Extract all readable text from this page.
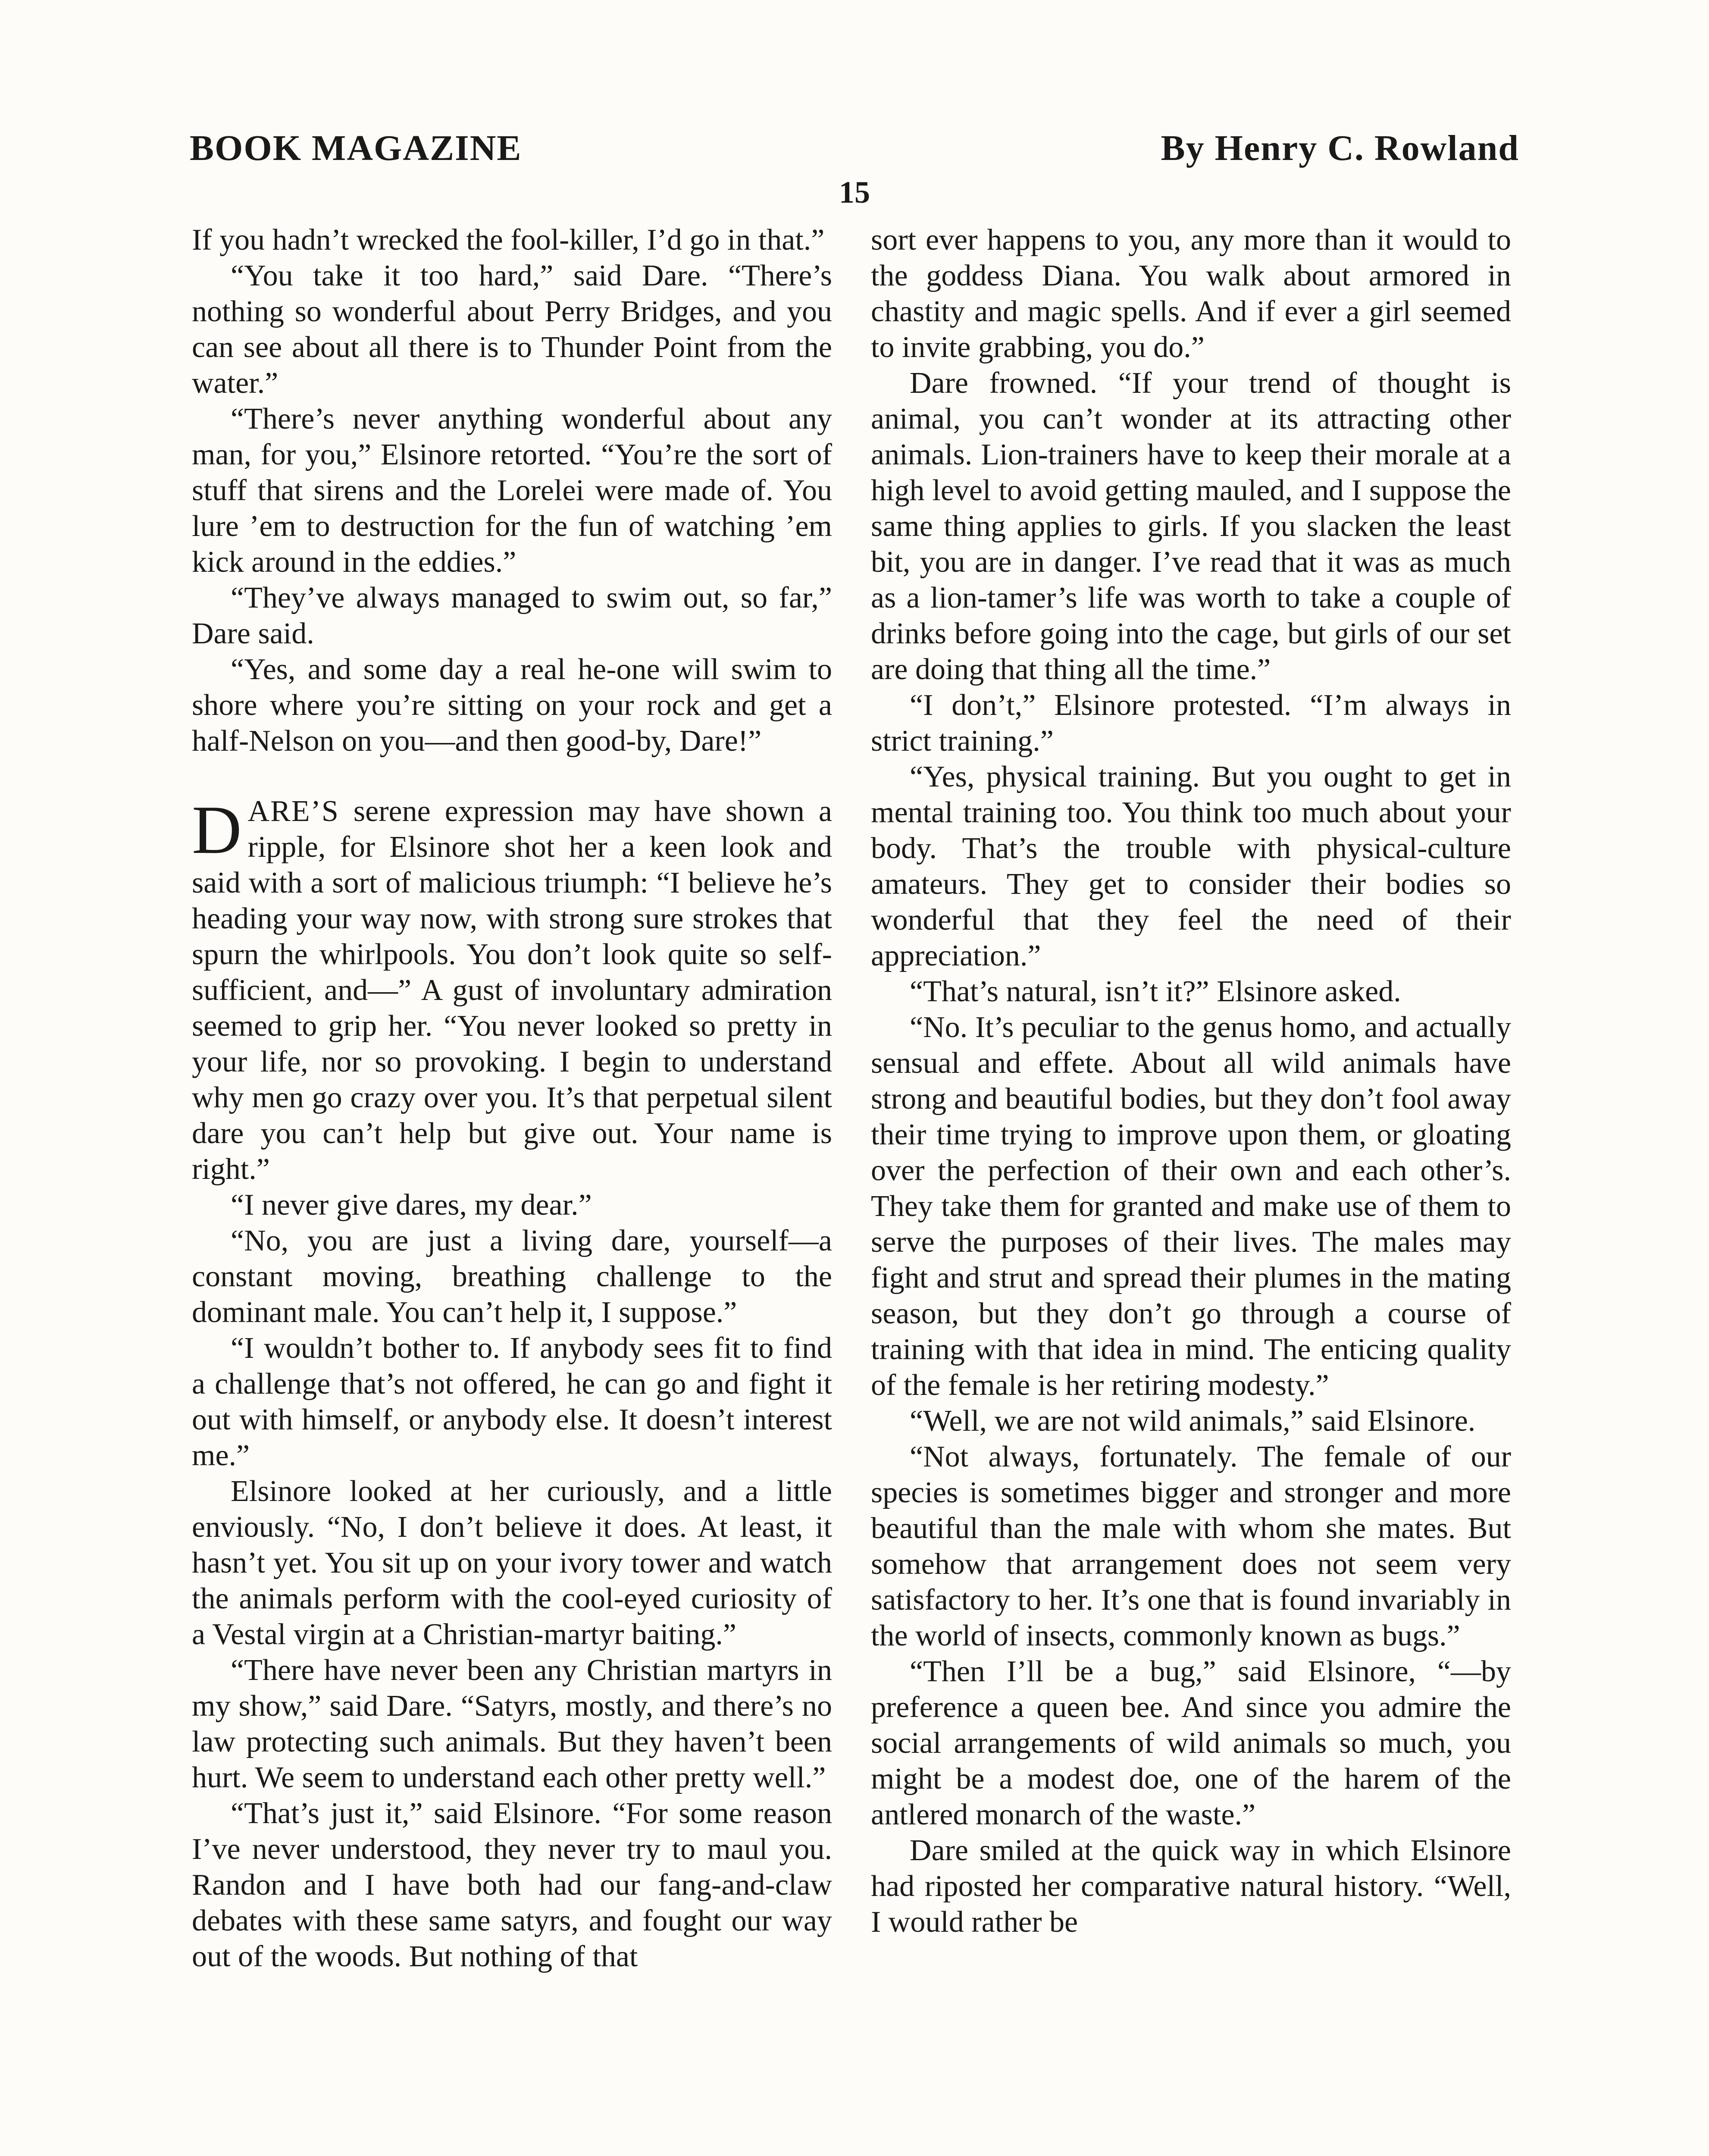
BOOK MAGAZINE	By Henry C. Rowland
15

If you hadn’t wrecked the fool-killer, I’d go in that.”

“You take it too hard,” said Dare. “There’s nothing so wonderful about Perry Bridges, and you can see about all there is to Thunder Point from the water.”

“There’s never anything wonderful about any man, for you,” Elsinore retorted. “You’re the sort of stuff that sirens and the Lorelei were made of. You lure ’em to destruction for the fun of watching ’em kick around in the eddies.”

“They’ve always managed to swim out, so far,” Dare said.

“Yes, and some day a real he-one will swim to shore where you’re sitting on your rock and get a half-Nelson on you—and then good-by, Dare!”

DARE’S serene expression may have shown a ripple, for Elsinore shot her a keen look and said with a sort of malicious triumph: “I believe he’s heading your way now, with strong sure strokes that spurn the whirlpools. You don’t look quite so self-sufficient, and—” A gust of involuntary admiration seemed to grip her. “You never looked so pretty in your life, nor so provoking. I begin to understand why men go crazy over you. It’s that perpetual silent dare you can’t help but give out. Your name is right.”

“I never give dares, my dear.”

“No, you are just a living dare, yourself—a constant moving, breathing challenge to the dominant male. You can’t help it, I suppose.”

“I wouldn’t bother to. If anybody sees fit to find a challenge that’s not offered, he can go and fight it out with himself, or anybody else. It doesn’t interest me.”

Elsinore looked at her curiously, and a little enviously. “No, I don’t believe it does. At least, it hasn’t yet. You sit up on your ivory tower and watch the animals perform with the cool-eyed curiosity of a Vestal virgin at a Christian-martyr baiting.”

“There have never been any Christian martyrs in my show,” said Dare. “Satyrs, mostly, and there’s no law protecting such animals. But they haven’t been hurt. We seem to understand each other pretty well.”

“That’s just it,” said Elsinore. “For some reason I’ve never understood, they never try to maul you. Randon and I have both had our fang-and-claw debates with these same satyrs, and fought our way out of the woods. But nothing of that

sort ever happens to you, any more than it would to the goddess Diana. You walk about armored in chastity and magic spells. And if ever a girl seemed to invite grabbing, you do.”

Dare frowned. “If your trend of thought is animal, you can’t wonder at its attracting other animals. Lion-trainers have to keep their morale at a high level to avoid getting mauled, and I suppose the same thing applies to girls. If you slacken the least bit, you are in danger. I’ve read that it was as much as a lion-tamer’s life was worth to take a couple of drinks before going into the cage, but girls of our set are doing that thing all the time.”

“I don’t,” Elsinore protested. “I’m always in strict training.”

“Yes, physical training. But you ought to get in mental training too. You think too much about your body. That’s the trouble with physical-culture amateurs. They get to consider their bodies so wonderful that they feel the need of their appreciation.”

“That’s natural, isn’t it?” Elsinore asked.

“No. It’s peculiar to the genus homo, and actually sensual and effete. About all wild animals have strong and beautiful bodies, but they don’t fool away their time trying to improve upon them, or gloating over the perfection of their own and each other’s. They take them for granted and make use of them to serve the purposes of their lives. The males may fight and strut and spread their plumes in the mating season, but they don’t go through a course of training with that idea in mind. The enticing quality of the female is her retiring modesty.”

“Well, we are not wild animals,” said Elsinore.

“Not always, fortunately. The female of our species is sometimes bigger and stronger and more beautiful than the male with whom she mates. But somehow that arrangement does not seem very satisfactory to her. It’s one that is found invariably in the world of insects, commonly known as bugs.”

“Then I’ll be a bug,” said Elsinore, “—by preference a queen bee. And since you admire the social arrangements of wild animals so much, you might be a modest doe, one of the harem of the antlered monarch of the waste.”

Dare smiled at the quick way in which Elsinore had riposted her comparative natural history. “Well, I would rather be
